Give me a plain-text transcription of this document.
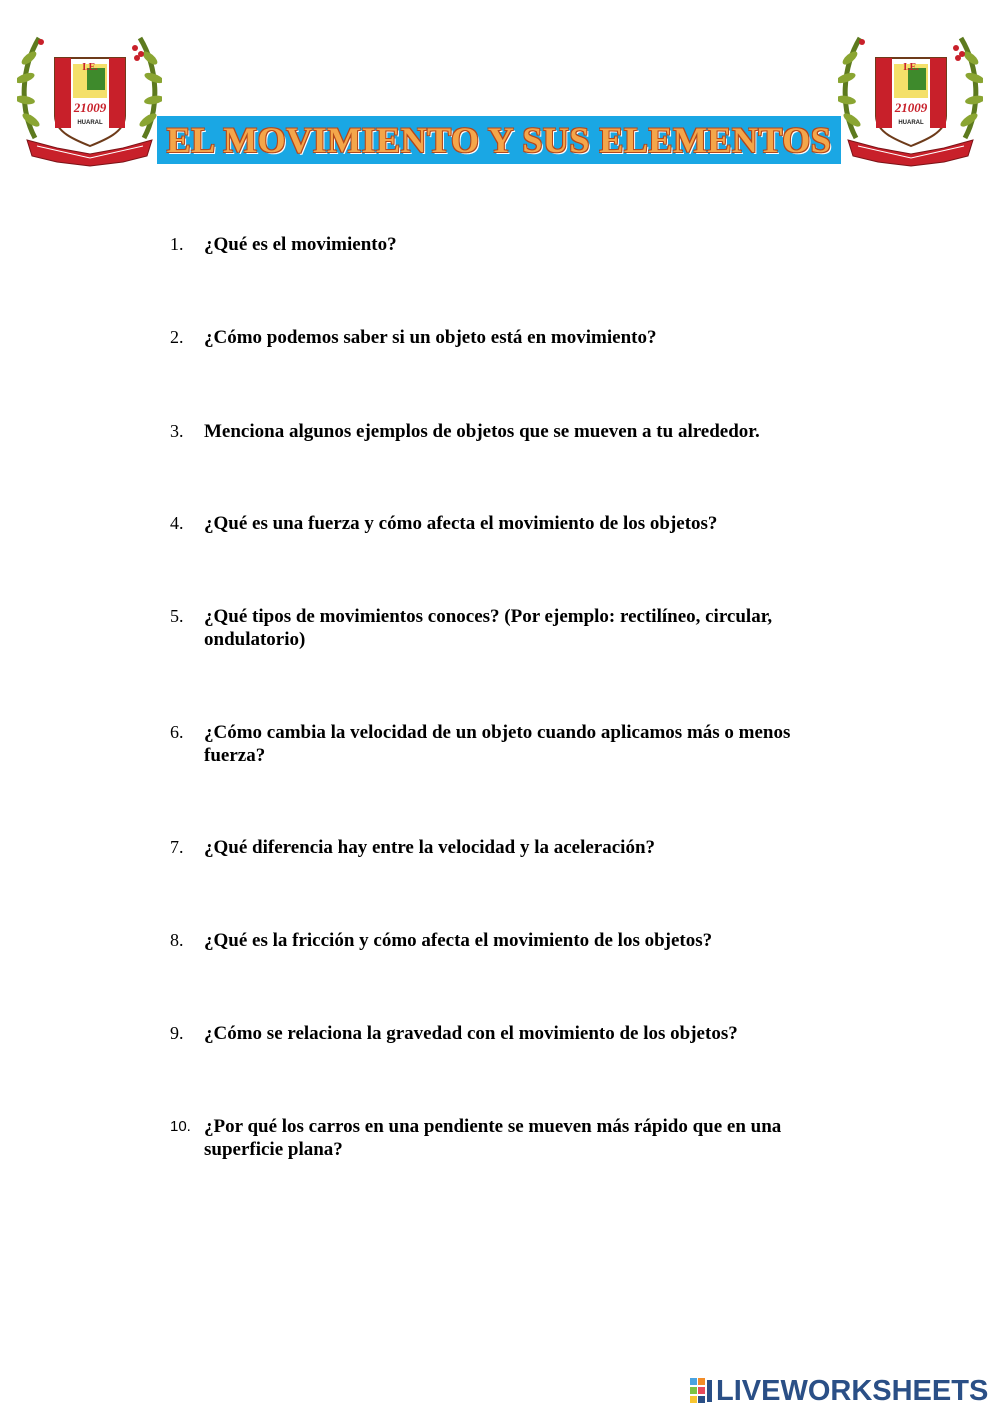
I.E.
21009
HUARAL
I.E.
21009
HUARAL
EL MOVIMIENTO Y SUS ELEMENTOS
1.	¿Qué es el movimiento?
2.	¿Cómo podemos saber si un objeto está en movimiento?
3.	Menciona algunos ejemplos de objetos que se mueven a tu alrededor.
4.	¿Qué es una fuerza y cómo afecta el movimiento de los objetos?
5.	¿Qué tipos de movimientos conoces? (Por ejemplo: rectilíneo, circular, ondulatorio)
6.	¿Cómo cambia la velocidad de un objeto cuando aplicamos más o menos fuerza?
7.	¿Qué diferencia hay entre la velocidad y la aceleración?
8.	¿Qué es la fricción y cómo afecta el movimiento de los objetos?
9.	¿Cómo se relaciona la gravedad con el movimiento de los objetos?
10. ¿Por qué los carros en una pendiente se mueven más rápido que en una superficie plana?
LIVEWORKSHEETS
